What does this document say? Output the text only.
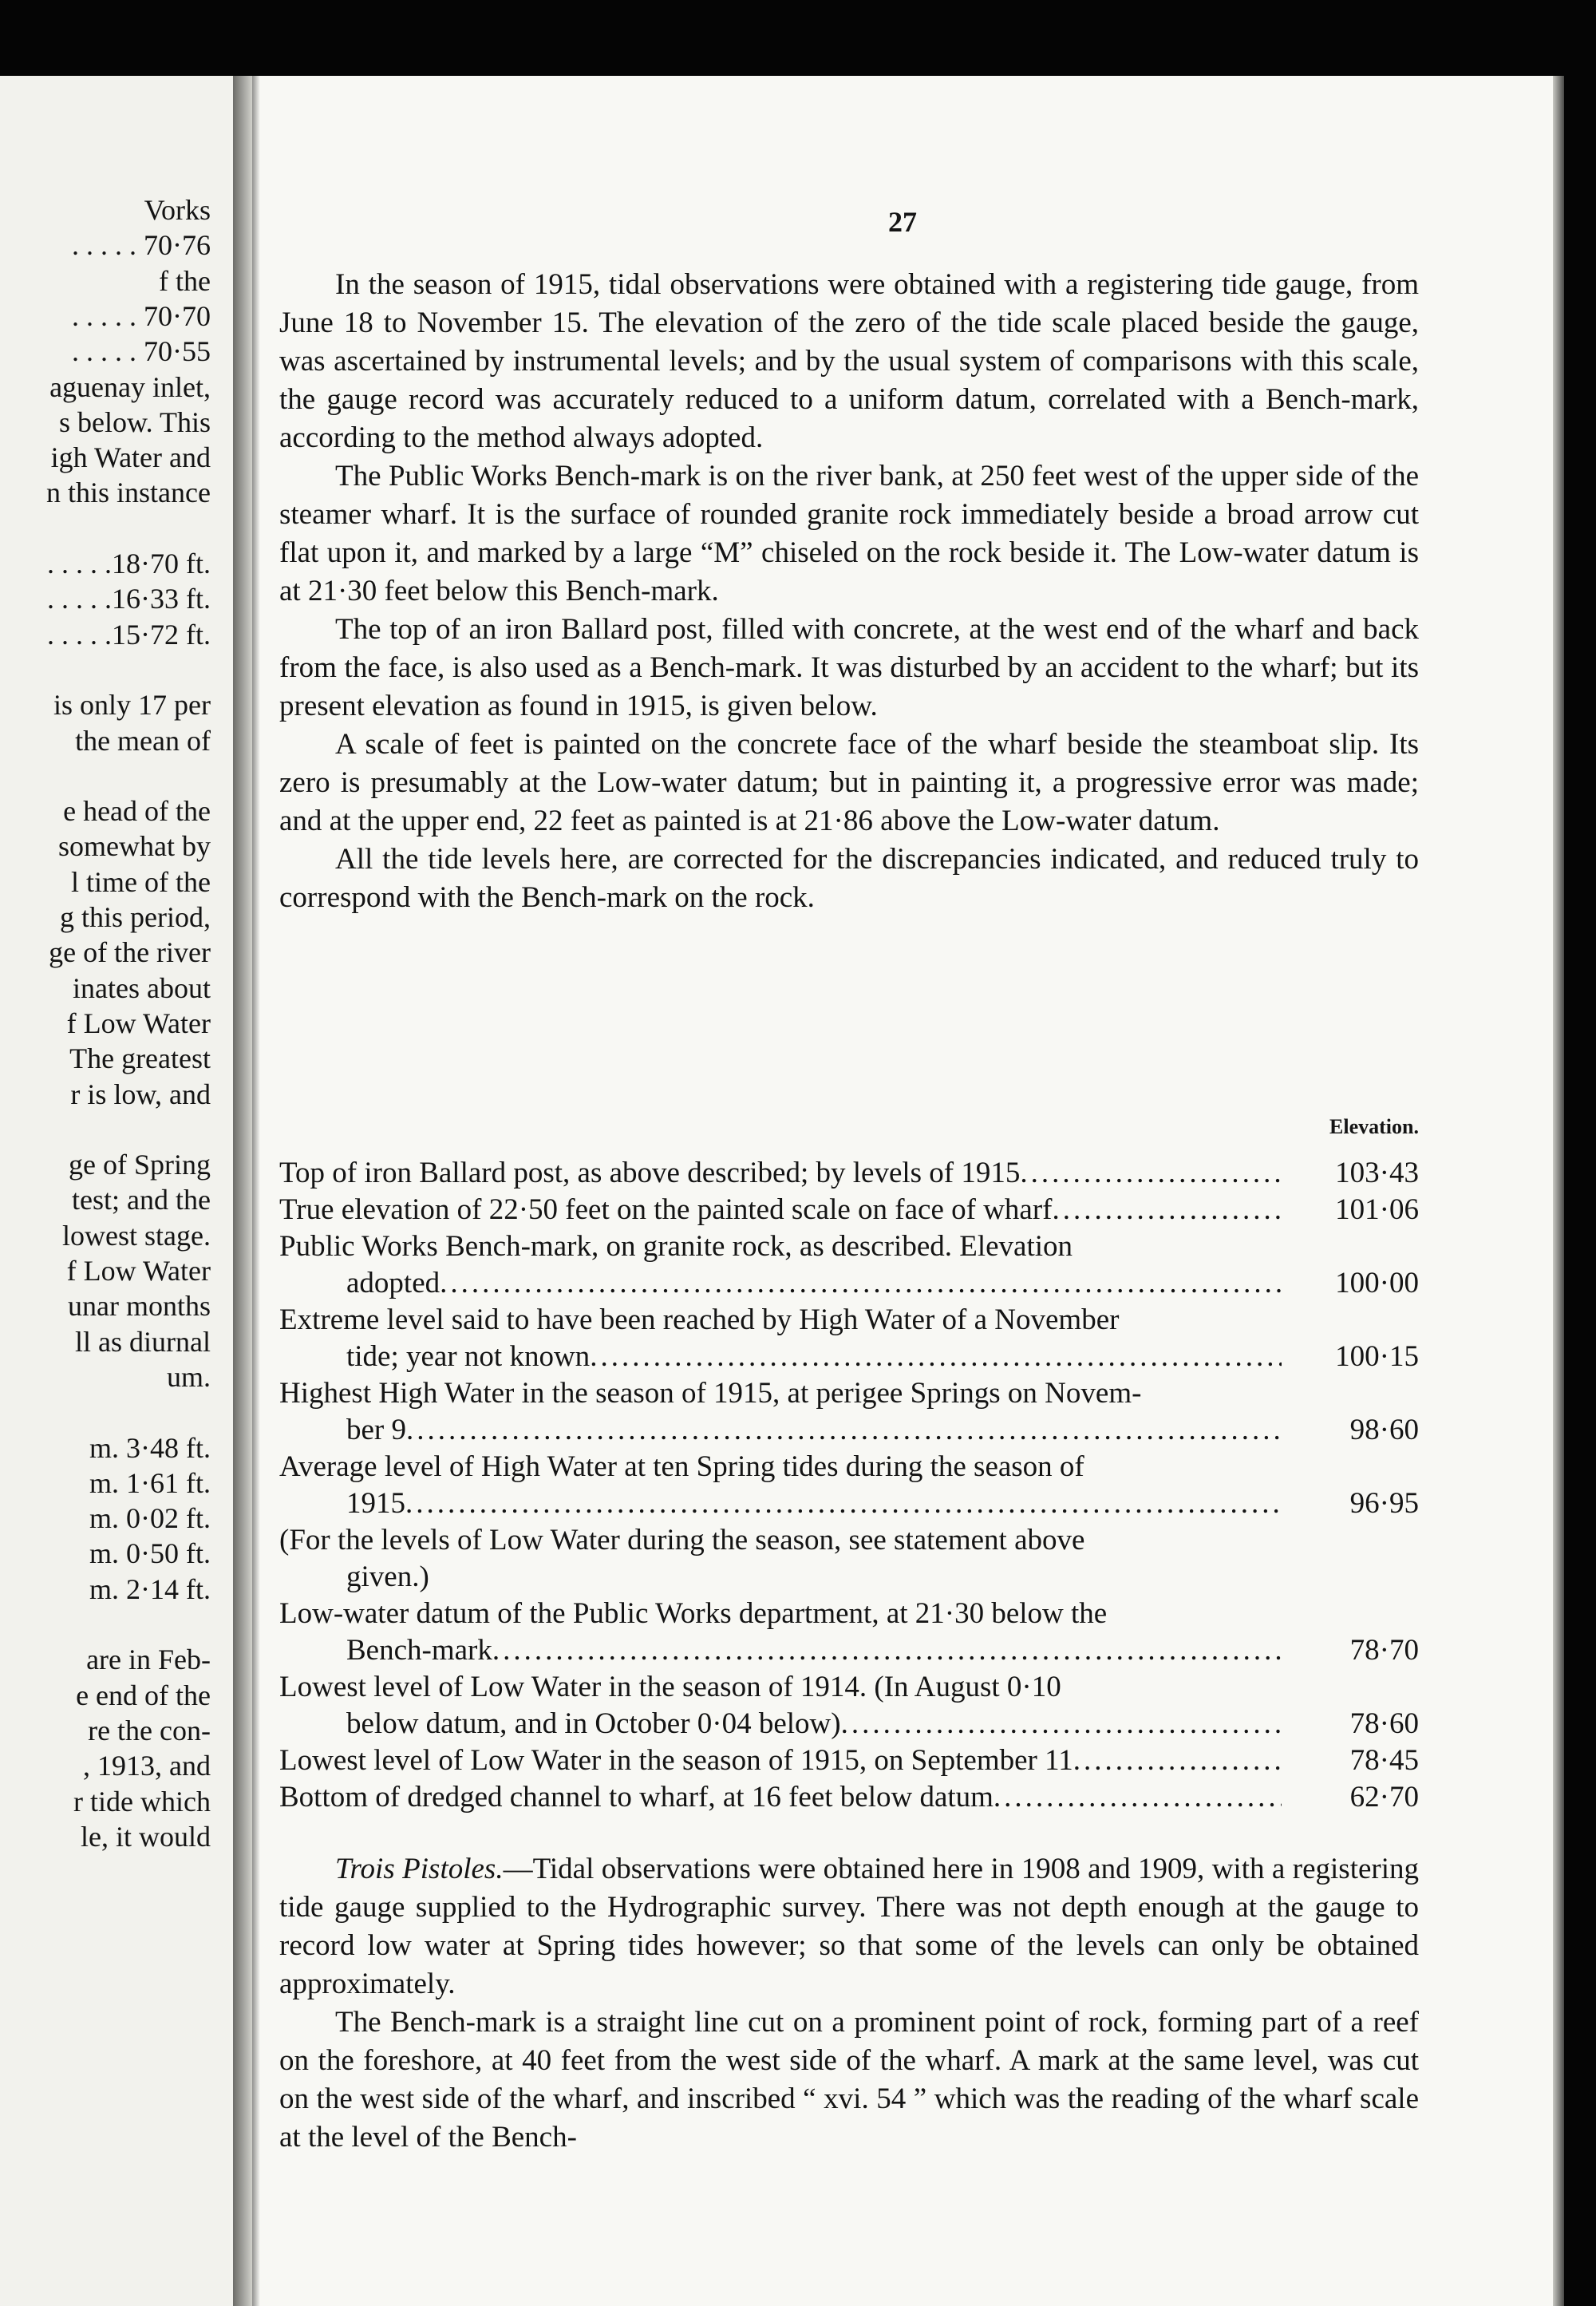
Vorks
. . . . . 70·76
f the
. . . . . 70·70
. . . . . 70·55
aguenay inlet,
s below. This
igh Water and
n this instance
. . . . .18·70 ft.
. . . . .16·33 ft.
. . . . .15·72 ft.
is only 17 per
the mean of
e head of the
somewhat by
l time of the
g this period,
ge of the river
inates about
f Low Water
The greatest
r is low, and
ge of Spring
test; and the
lowest stage.
f Low Water
unar months
ll as diurnal
um.
m. 3·48 ft.
m. 1·61 ft.
m. 0·02 ft.
m. 0·50 ft.
m. 2·14 ft.
are in Feb-
e end of the
re the con-
, 1913, and
r tide which
le, it would
27

In the season of 1915, tidal observations were obtained with a registering tide gauge, from June 18 to November 15. The elevation of the zero of the tide scale placed beside the gauge, was ascertained by instrumental levels; and by the usual system of comparisons with this scale, the gauge record was accurately reduced to a uniform datum, correlated with a Bench-mark, according to the method always adopted.

The Public Works Bench-mark is on the river bank, at 250 feet west of the upper side of the steamer wharf. It is the surface of rounded granite rock immediately beside a broad arrow cut flat upon it, and marked by a large “M” chiseled on the rock beside it. The Low-water datum is at 21·30 feet below this Bench-mark.

The top of an iron Ballard post, filled with concrete, at the west end of the wharf and back from the face, is also used as a Bench-mark. It was disturbed by an accident to the wharf; but its present elevation as found in 1915, is given below.

A scale of feet is painted on the concrete face of the wharf beside the steamboat slip. Its zero is presumably at the Low-water datum; but in painting it, a progressive error was made; and at the upper end, 22 feet as painted is at 21·86 above the Low-water datum.

All the tide levels here, are corrected for the discrepancies indicated, and reduced truly to correspond with the Bench-mark on the rock.

Elevation.
Top of iron Ballard post, as above described; by levels of 1915 .....	103·43
True elevation of 22·50 feet on the painted scale on face of wharf .....	101·06
Public Works Bench-mark, on granite rock, as described. Elevation
adopted .....	100·00
Extreme level said to have been reached by High Water of a November
tide; year not known .....	100·15
Highest High Water in the season of 1915, at perigee Springs on Novem-
ber 9 .....	98·60
Average level of High Water at ten Spring tides during the season of
1915 .....	96·95
(For the levels of Low Water during the season, see statement above
given.)
Low-water datum of the Public Works department, at 21·30 below the
Bench-mark .....	78·70
Lowest level of Low Water in the season of 1914. (In August 0·10
below datum, and in October 0·04 below) .....	78·60
Lowest level of Low Water in the season of 1915, on September 11 .....	78·45
Bottom of dredged channel to wharf, at 16 feet below datum .....	62·70

Trois Pistoles.—Tidal observations were obtained here in 1908 and 1909, with a registering tide gauge supplied to the Hydrographic survey. There was not depth enough at the gauge to record low water at Spring tides however; so that some of the levels can only be obtained approximately.

The Bench-mark is a straight line cut on a prominent point of rock, forming part of a reef on the foreshore, at 40 feet from the west side of the wharf. A mark at the same level, was cut on the west side of the wharf, and inscribed “ xvi. 54 ” which was the reading of the wharf scale at the level of the Bench-
